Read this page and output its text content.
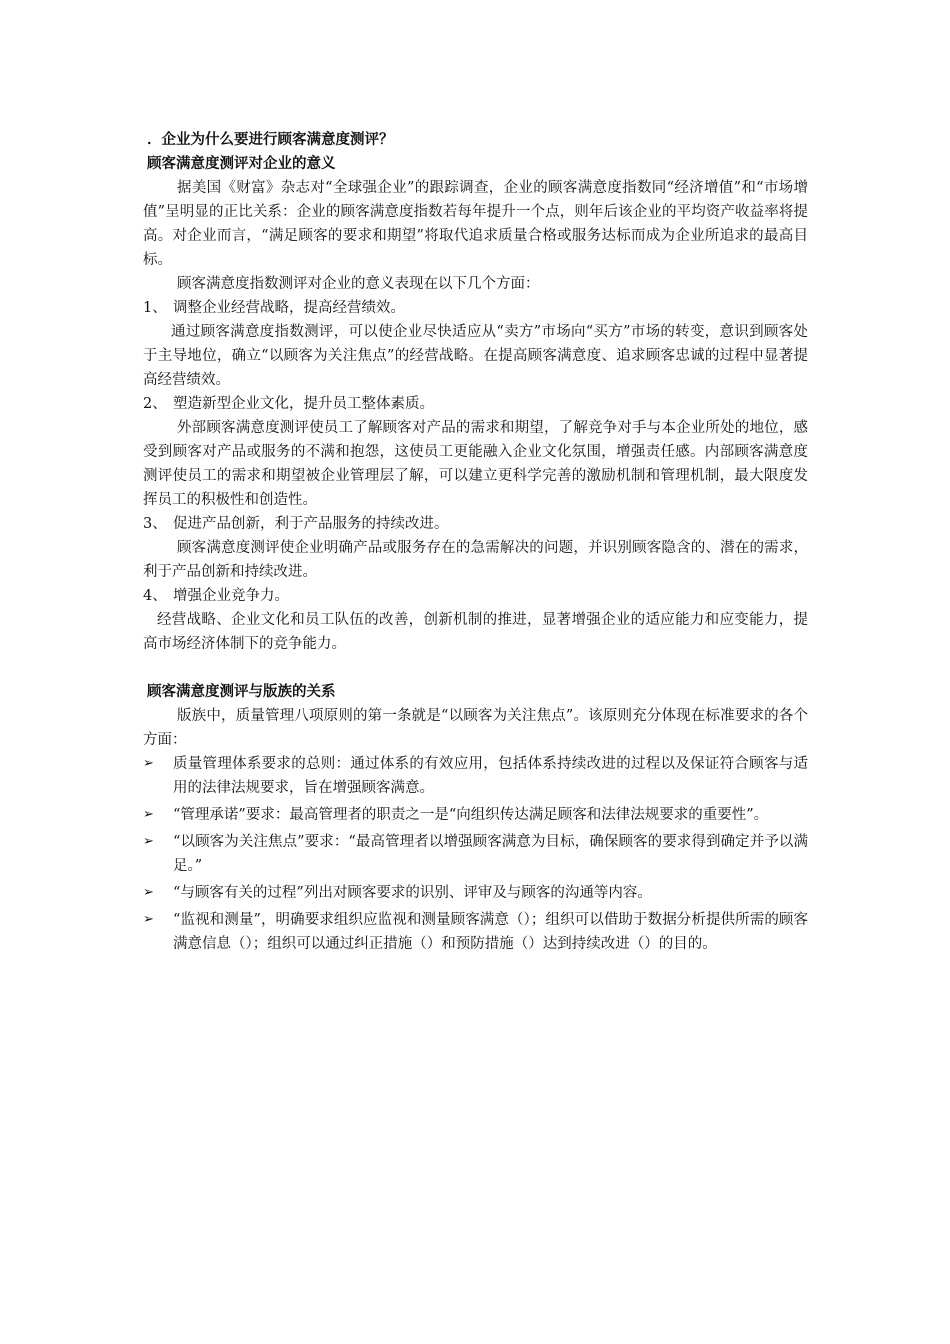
．企业为什么要进行顾客满意度测评？
顾客满意度测评对企业的意义

据美国《财富》杂志对“全球强企业”的跟踪调查，企业的顾客满意度指数同“经济增值”和“市场增值”呈明显的正比关系：企业的顾客满意度指数若每年提升一个点，则年后该企业的平均资产收益率将提高。对企业而言，“满足顾客的要求和期望”将取代追求质量合格或服务达标而成为企业所追求的最高目标。

顾客满意度指数测评对企业的意义表现在以下几个方面：

1、 调整企业经营战略，提高经营绩效。

通过顾客满意度指数测评，可以使企业尽快适应从“卖方”市场向“买方”市场的转变，意识到顾客处于主导地位，确立“以顾客为关注焦点”的经营战略。在提高顾客满意度、追求顾客忠诚的过程中显著提高经营绩效。

2、 塑造新型企业文化，提升员工整体素质。

外部顾客满意度测评使员工了解顾客对产品的需求和期望，了解竞争对手与本企业所处的地位，感受到顾客对产品或服务的不满和抱怨，这使员工更能融入企业文化氛围，增强责任感。内部顾客满意度测评使员工的需求和期望被企业管理层了解，可以建立更科学完善的激励机制和管理机制，最大限度发挥员工的积极性和创造性。

3、 促进产品创新，利于产品服务的持续改进。

顾客满意度测评使企业明确产品或服务存在的急需解决的问题，并识别顾客隐含的、潜在的需求，利于产品创新和持续改进。

4、 增强企业竞争力。

经营战略、企业文化和员工队伍的改善，创新机制的推进，显著增强企业的适应能力和应变能力，提高市场经济体制下的竞争能力。

顾客满意度测评与版族的关系

版族中，质量管理八项原则的第一条就是“以顾客为关注焦点”。该原则充分体现在标准要求的各个方面：

➢ 质量管理体系要求的总则：通过体系的有效应用，包括体系持续改进的过程以及保证符合顾客与适用的法律法规要求，旨在增强顾客满意。
➢ “管理承诺”要求：最高管理者的职责之一是“向组织传达满足顾客和法律法规要求的重要性”。
➢ “以顾客为关注焦点”要求：“最高管理者以增强顾客满意为目标，确保顾客的要求得到确定并予以满足。”
➢ “与顾客有关的过程”列出对顾客要求的识别、评审及与顾客的沟通等内容。
➢ “监视和测量”，明确要求组织应监视和测量顾客满意（）；组织可以借助于数据分析提供所需的顾客满意信息（）；组织可以通过纠正措施（）和预防措施（）达到持续改进（）的目的。
